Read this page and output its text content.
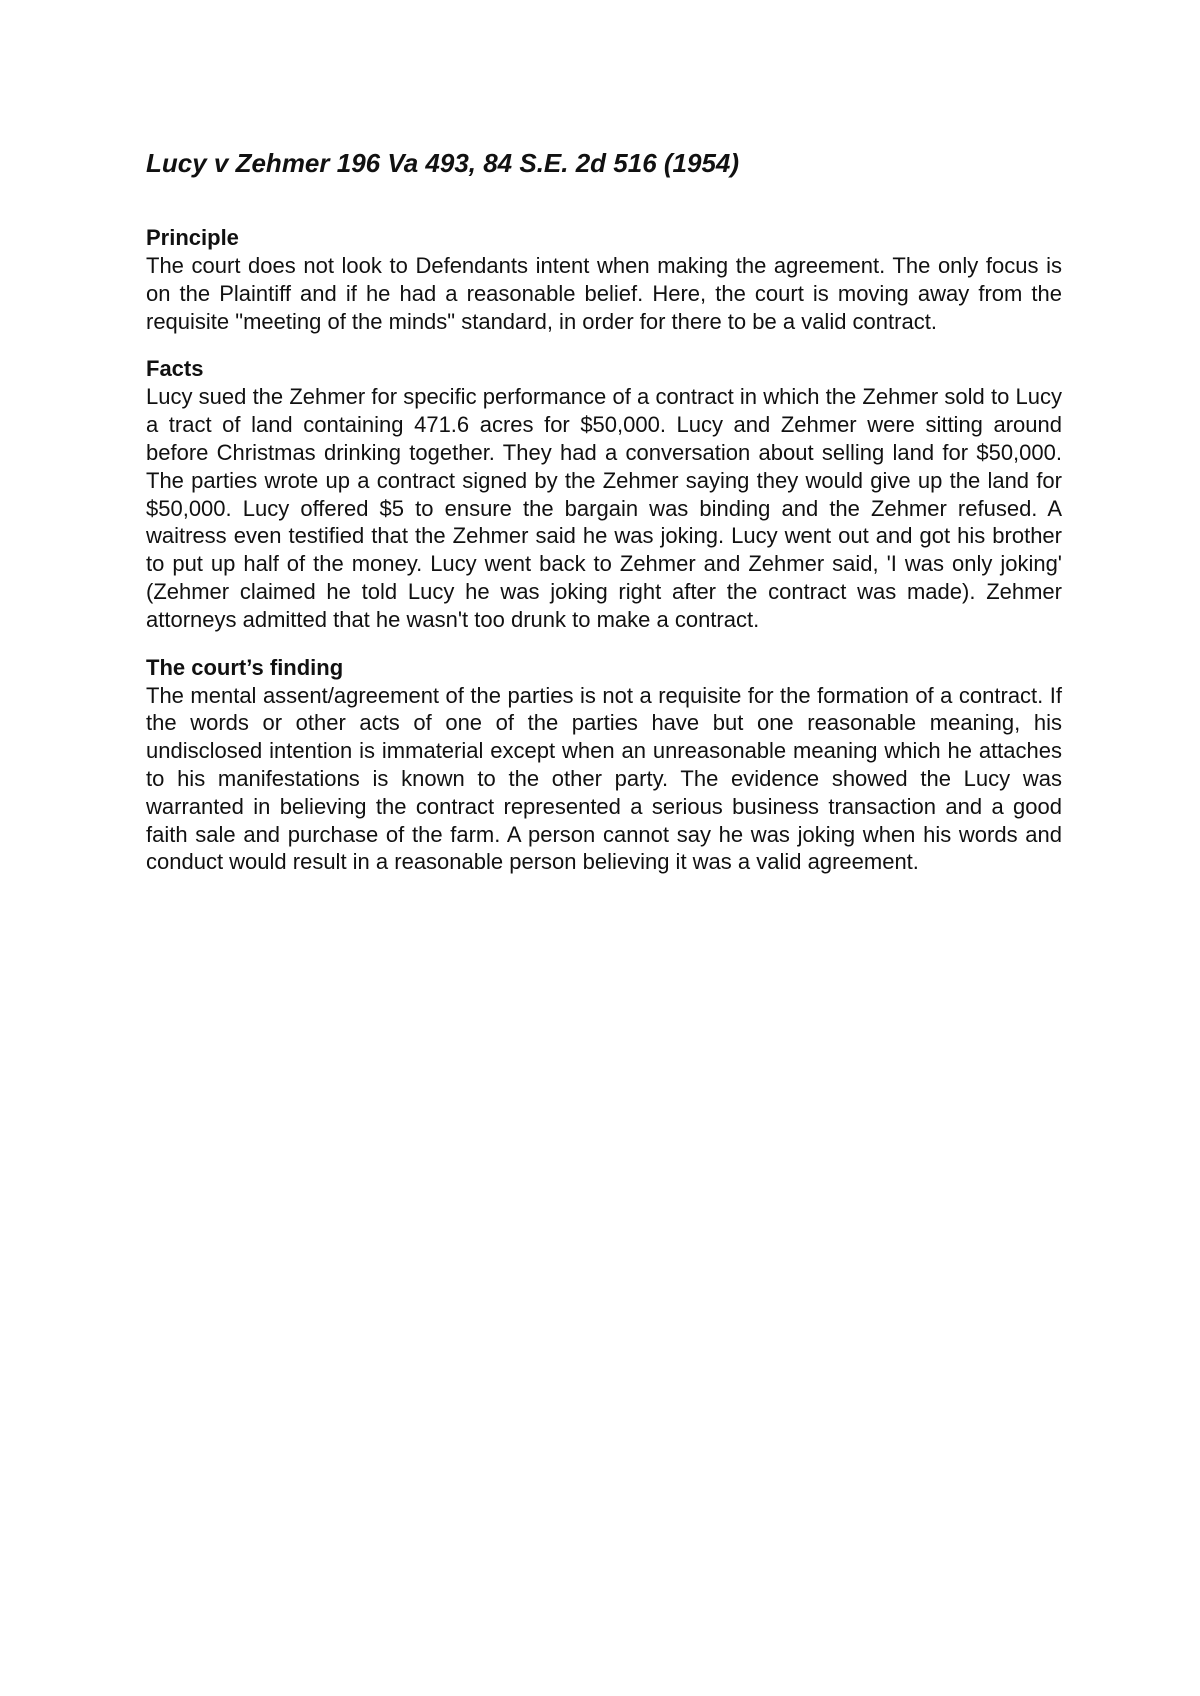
Lucy v Zehmer 196 Va 493, 84 S.E. 2d 516 (1954)

Principle

The court does not look to Defendants intent when making the agreement. The only focus is on the Plaintiff and if he had a reasonable belief. Here, the court is moving away from the requisite "meeting of the minds" standard, in order for there to be a valid contract.

Facts

Lucy sued the Zehmer for specific performance of a contract in which the Zehmer sold to Lucy a tract of land containing 471.6 acres for $50,000. Lucy and Zehmer were sitting around before Christmas drinking together. They had a conversation about selling land for $50,000. The parties wrote up a contract signed by the Zehmer saying they would give up the land for $50,000. Lucy offered $5 to ensure the bargain was binding and the Zehmer refused. A waitress even testified that the Zehmer said he was joking. Lucy went out and got his brother to put up half of the money. Lucy went back to Zehmer and Zehmer said, 'I was only joking' (Zehmer claimed he told Lucy he was joking right after the contract was made). Zehmer attorneys admitted that he wasn't too drunk to make a contract.

The court’s finding

The mental assent/agreement of the parties is not a requisite for the formation of a contract. If the words or other acts of one of the parties have but one reasonable meaning, his undisclosed intention is immaterial except when an unreasonable meaning which he attaches to his manifestations is known to the other party. The evidence showed the Lucy was warranted in believing the contract represented a serious business transaction and a good faith sale and purchase of the farm. A person cannot say he was joking when his words and conduct would result in a reasonable person believing it was a valid agreement.
